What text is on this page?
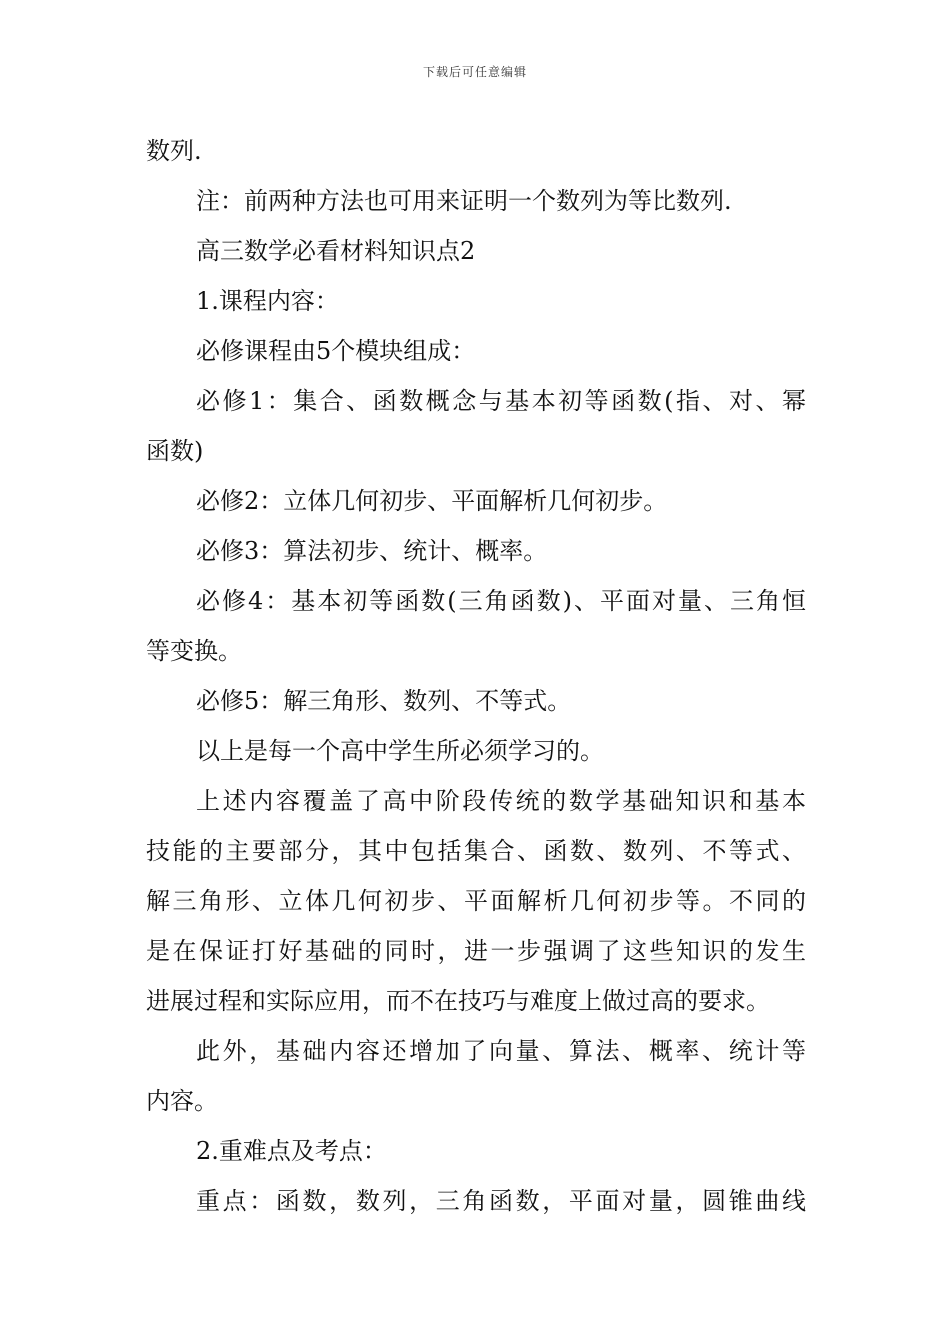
下载后可任意编辑
数列.
注：前两种方法也可用来证明一个数列为等比数列.
高三数学必看材料知识点2
1.课程内容：
必修课程由5个模块组成：
必修1：集合、函数概念与基本初等函数(指、对、幂
函数)
必修2：立体几何初步、平面解析几何初步。
必修3：算法初步、统计、概率。
必修4：基本初等函数(三角函数)、平面对量、三角恒
等变换。
必修5：解三角形、数列、不等式。
以上是每一个高中学生所必须学习的。
上述内容覆盖了高中阶段传统的数学基础知识和基本
技能的主要部分，其中包括集合、函数、数列、不等式、
解三角形、立体几何初步、平面解析几何初步等。不同的
是在保证打好基础的同时，进一步强调了这些知识的发生
进展过程和实际应用，而不在技巧与难度上做过高的要求。
此外，基础内容还增加了向量、算法、概率、统计等
内容。
2.重难点及考点：
重点：函数，数列，三角函数，平面对量，圆锥曲线
